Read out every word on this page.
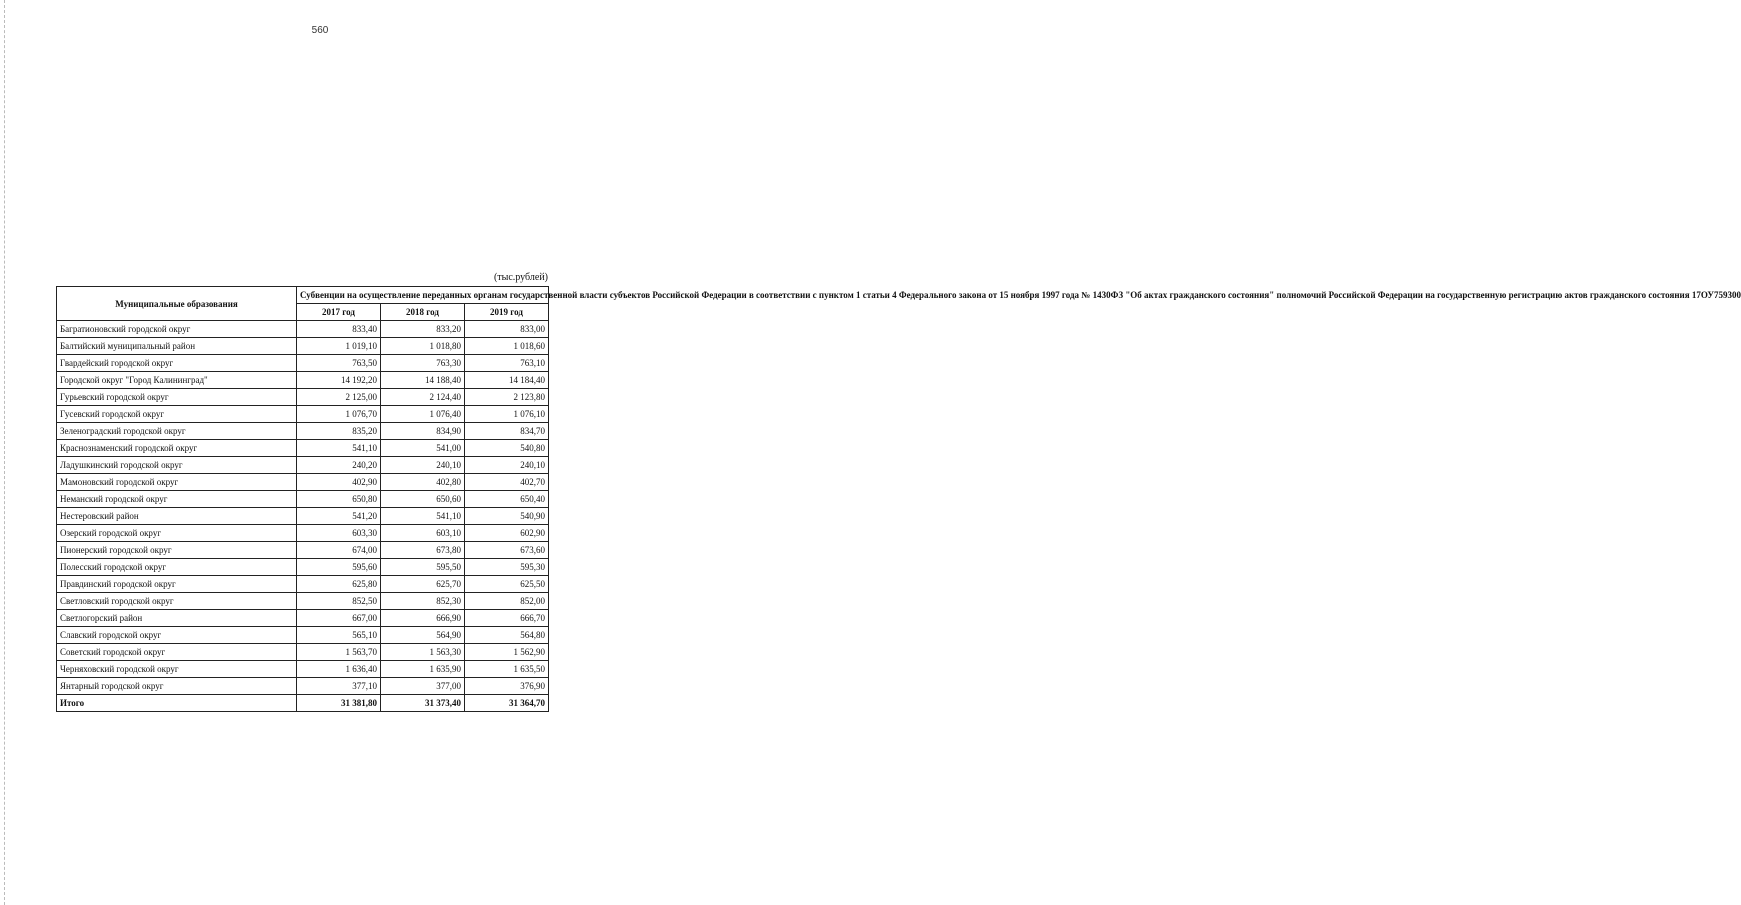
560
(тыс.рублей)
Муниципальные образования	Субвенции на осуществление переданных органам государственной власти субъектов Российской Федерации в соответствии с пунктом 1 статьи 4 Федерального закона от 15 ноября 1997 года № 1430ФЗ "Об актах гражданского состояния" полномочий Российской Федерации на государственную регистрацию актов гражданского состояния 17ОУ759300		
	2017 год	2018 год	2019 год
Багратионовский городской округ	833,40	833,20	833,00
Балтийский муниципальный район	1 019,10	1 018,80	1 018,60
Гвардейский городской округ	763,50	763,30	763,10
Городской округ "Город Калининград"	14 192,20	14 188,40	14 184,40
Гурьевский городской округ	2 125,00	2 124,40	2 123,80
Гусевский городской округ	1 076,70	1 076,40	1 076,10
Зеленоградский городской округ	835,20	834,90	834,70
Краснознаменский городской округ	541,10	541,00	540,80
Ладушкинский городской округ	240,20	240,10	240,10
Мамоновский городской округ	402,90	402,80	402,70
Неманский городской округ	650,80	650,60	650,40
Нестеровский район	541,20	541,10	540,90
Озерский городской округ	603,30	603,10	602,90
Пионерский городской округ	674,00	673,80	673,60
Полесский городской округ	595,60	595,50	595,30
Правдинский городской округ	625,80	625,70	625,50
Светловский городской округ	852,50	852,30	852,00
Светлогорский район	667,00	666,90	666,70
Славский городской округ	565,10	564,90	564,80
Советский городской округ	1 563,70	1 563,30	1 562,90
Черняховский городской округ	1 636,40	1 635,90	1 635,50
Янтарный городской округ	377,10	377,00	376,90
Итого	31 381,80	31 373,40	31 364,70
